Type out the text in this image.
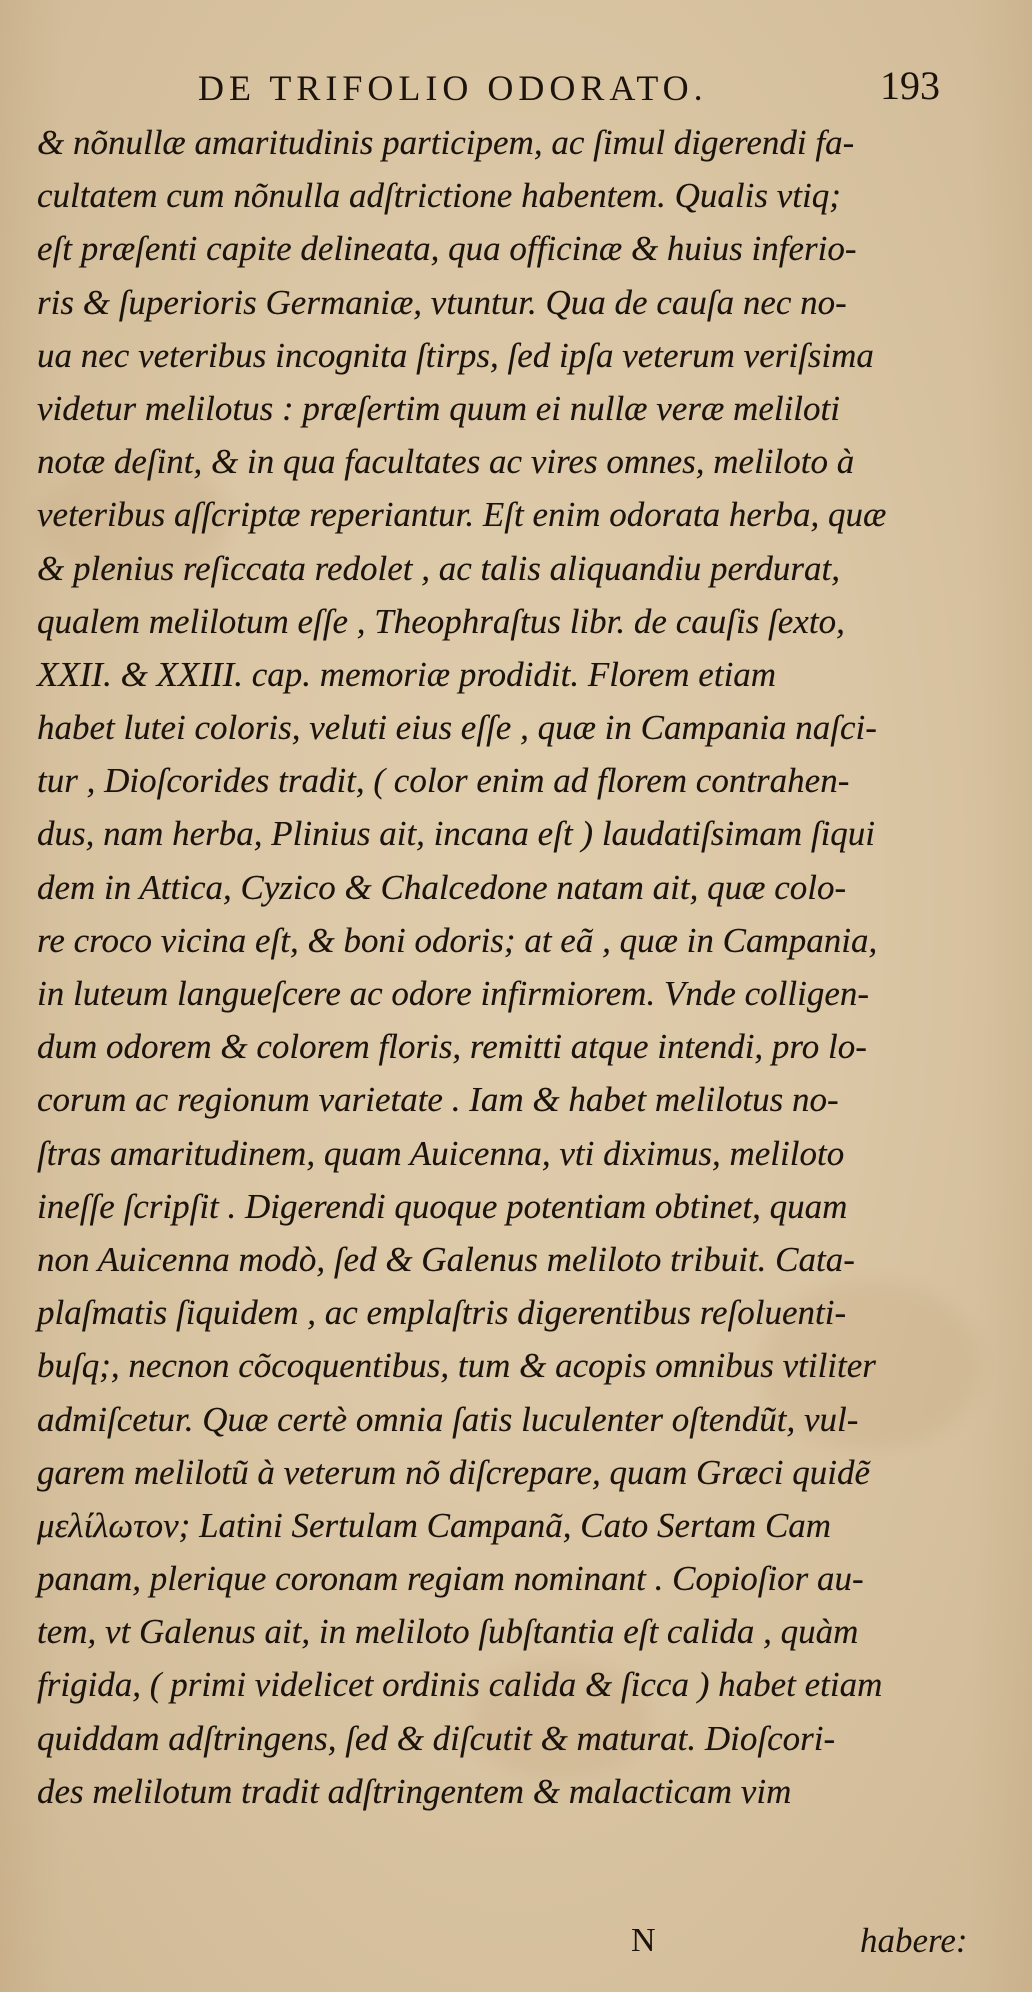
DE TRIFOLIO ODORATO.	193
& nõnullæ amaritudinis participem, ac ſimul digerendi fa-
cultatem cum nõnulla adſtrictione habentem. Qualis vtiq;
eſt præſenti capite delineata, qua officinæ & huius inferio-
ris & ſuperioris Germaniæ, vtuntur. Qua de cauſa nec no-
ua nec veteribus incognita ſtirps, ſed ipſa veterum veriſsima
videtur melilotus : præſertim quum ei nullæ veræ meliloti
notæ deſint, & in qua facultates ac vires omnes, meliloto à
veteribus aſſcriptæ reperiantur. Eſt enim odorata herba, quæ
& plenius reſiccata redolet , ac talis aliquandiu perdurat,
qualem melilotum eſſe , Theophraſtus libr. de cauſis ſexto,
XXII. & XXIII. cap. memoriæ prodidit. Florem etiam
habet lutei coloris, veluti eius eſſe , quæ in Campania naſci-
tur , Dioſcorides tradit, ( color enim ad florem contrahen-
dus, nam herba, Plinius ait, incana eſt ) laudatiſsimam ſiqui
dem in Attica, Cyzico & Chalcedone natam ait, quæ colo-
re croco vicina eſt, & boni odoris; at eã , quæ in Campania,
in luteum langueſcere ac odore infirmiorem. Vnde colligen-
dum odorem & colorem floris, remitti atque intendi, pro lo-
corum ac regionum varietate . Iam & habet melilotus no-
ſtras amaritudinem, quam Auicenna, vti diximus, meliloto
ineſſe ſcripſit . Digerendi quoque potentiam obtinet, quam
non Auicenna modò, ſed & Galenus meliloto tribuit. Cata-
plaſmatis ſiquidem , ac emplaſtris digerentibus reſoluenti-
buſq;, necnon cõcoquentibus, tum & acopis omnibus vtiliter
admiſcetur. Quæ certè omnia ſatis luculenter oſtendũt, vul-
garem melilotũ à veterum nõ diſcrepare, quam Græci quidẽ
μελίλωτον; Latini Sertulam Campanã, Cato Sertam Cam
panam, plerique coronam regiam nominant . Copioſior au-
tem, vt Galenus ait, in meliloto ſubſtantia eſt calida , quàm
frigida, ( primi videlicet ordinis calida & ſicca ) habet etiam
quiddam adſtringens, ſed & diſcutit & maturat. Dioſcori-
des melilotum tradit adſtringentem & malacticam vim
N	habere:
